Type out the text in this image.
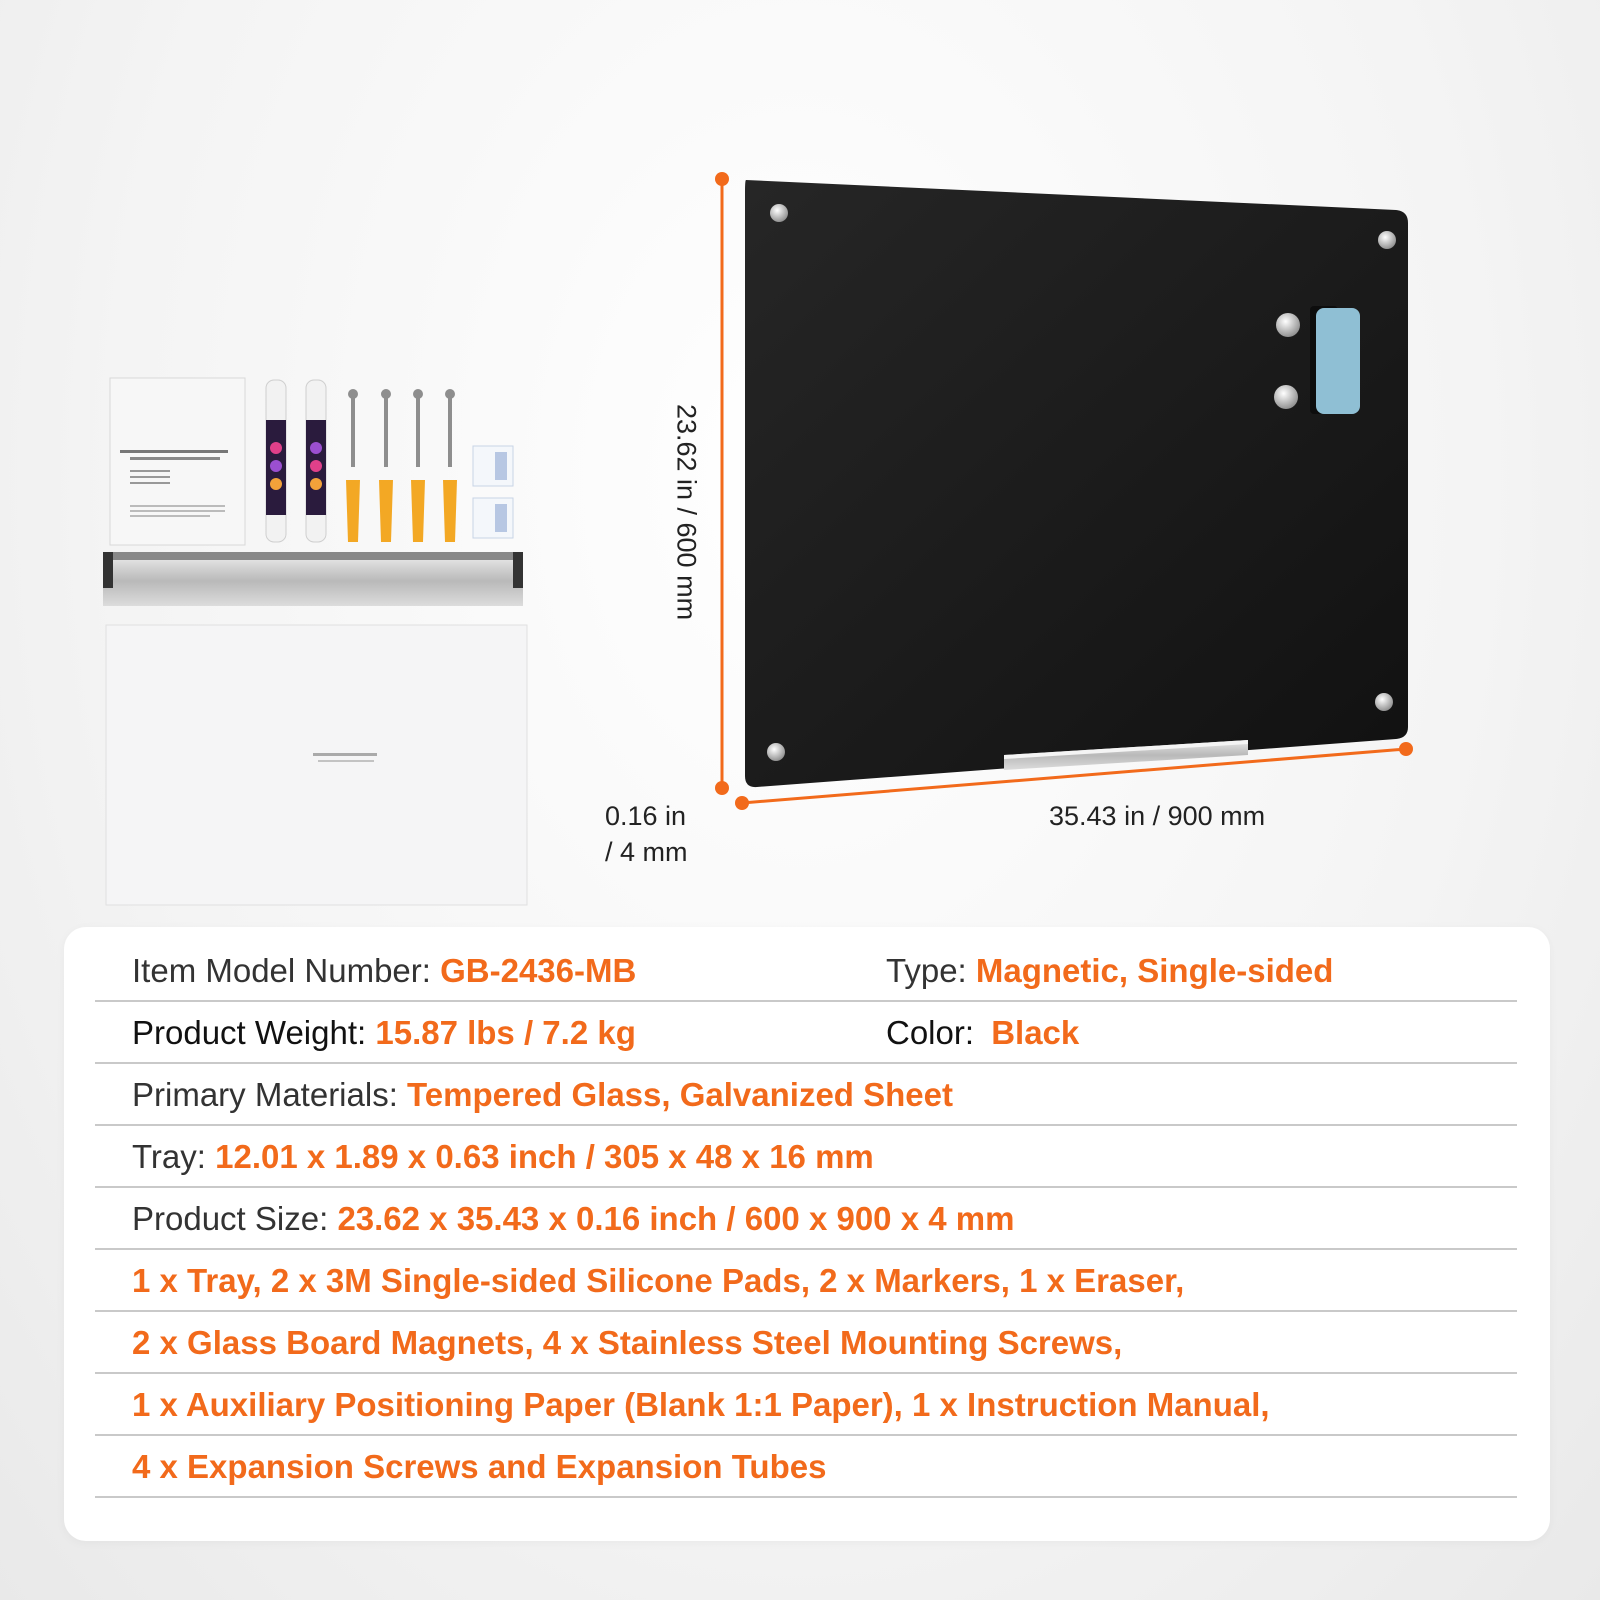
23.62 in / 600 mm
35.43 in / 900 mm
0.16 in
/ 4 mm
Item Model Number: GB-2436-MB	Type: Magnetic, Single-sided
Product Weight: 15.87 lbs / 7.2 kg	Color: Black
Primary Materials: Tempered Glass, Galvanized Sheet
Tray: 12.01 x 1.89 x 0.63 inch / 305 x 48 x 16 mm
Product Size: 23.62 x 35.43 x 0.16 inch / 600 x 900 x 4 mm
1 x Tray, 2 x 3M Single-sided Silicone Pads, 2 x Markers, 1 x Eraser,
2 x Glass Board Magnets, 4 x Stainless Steel Mounting Screws,
1 x Auxiliary Positioning Paper (Blank 1:1 Paper), 1 x Instruction Manual,
4 x Expansion Screws and Expansion Tubes
